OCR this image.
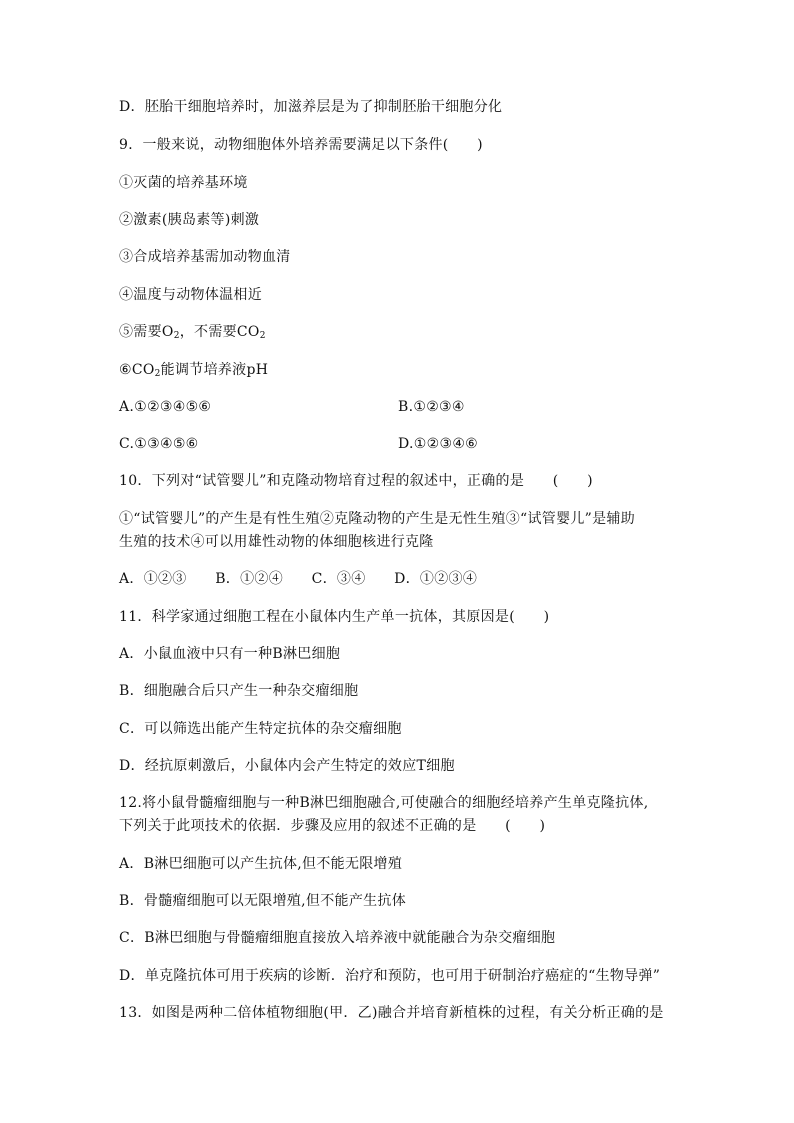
D．胚胎干细胞培养时，加滋养层是为了抑制胚胎干细胞分化
9．一般来说，动物细胞体外培养需要满足以下条件(　　)
①灭菌的培养基环境
②激素(胰岛素等)刺激
③合成培养基需加动物血清
④温度与动物体温相近
⑤需要$O_2$，不需要$CO_2$
$⑥CO_2$能调节培养液pH
A.①②③④⑤⑥	B.①②③④
C.①③④⑤⑥	D.①②③④⑥
10．下列对“试管婴儿”和克隆动物培育过程的叙述中，正确的是　　(　　)
①“试管婴儿”的产生是有性生殖②克隆动物的产生是无性生殖③“试管婴儿”是辅助
生殖的技术④可以用雄性动物的体细胞核进行克隆
A．①②③　　B．①②④　　C．③④　　D．①②③④
11．科学家通过细胞工程在小鼠体内生产单一抗体，其原因是(　　)
A．小鼠血液中只有一种B淋巴细胞
B．细胞融合后只产生一种杂交瘤细胞
C．可以筛选出能产生特定抗体的杂交瘤细胞
D．经抗原刺激后，小鼠体内会产生特定的效应T细胞
12.将小鼠骨髓瘤细胞与一种B淋巴细胞融合,可使融合的细胞经培养产生单克隆抗体,
下列关于此项技术的依据．步骤及应用的叙述不正确的是　　(　　)
A．B淋巴细胞可以产生抗体,但不能无限增殖
B．骨髓瘤细胞可以无限增殖,但不能产生抗体
C．B淋巴细胞与骨髓瘤细胞直接放入培养液中就能融合为杂交瘤细胞
D．单克隆抗体可用于疾病的诊断．治疗和预防，也可用于研制治疗癌症的“生物导弹”
13．如图是两种二倍体植物细胞(甲．乙)融合并培育新植株的过程，有关分析正确的是
